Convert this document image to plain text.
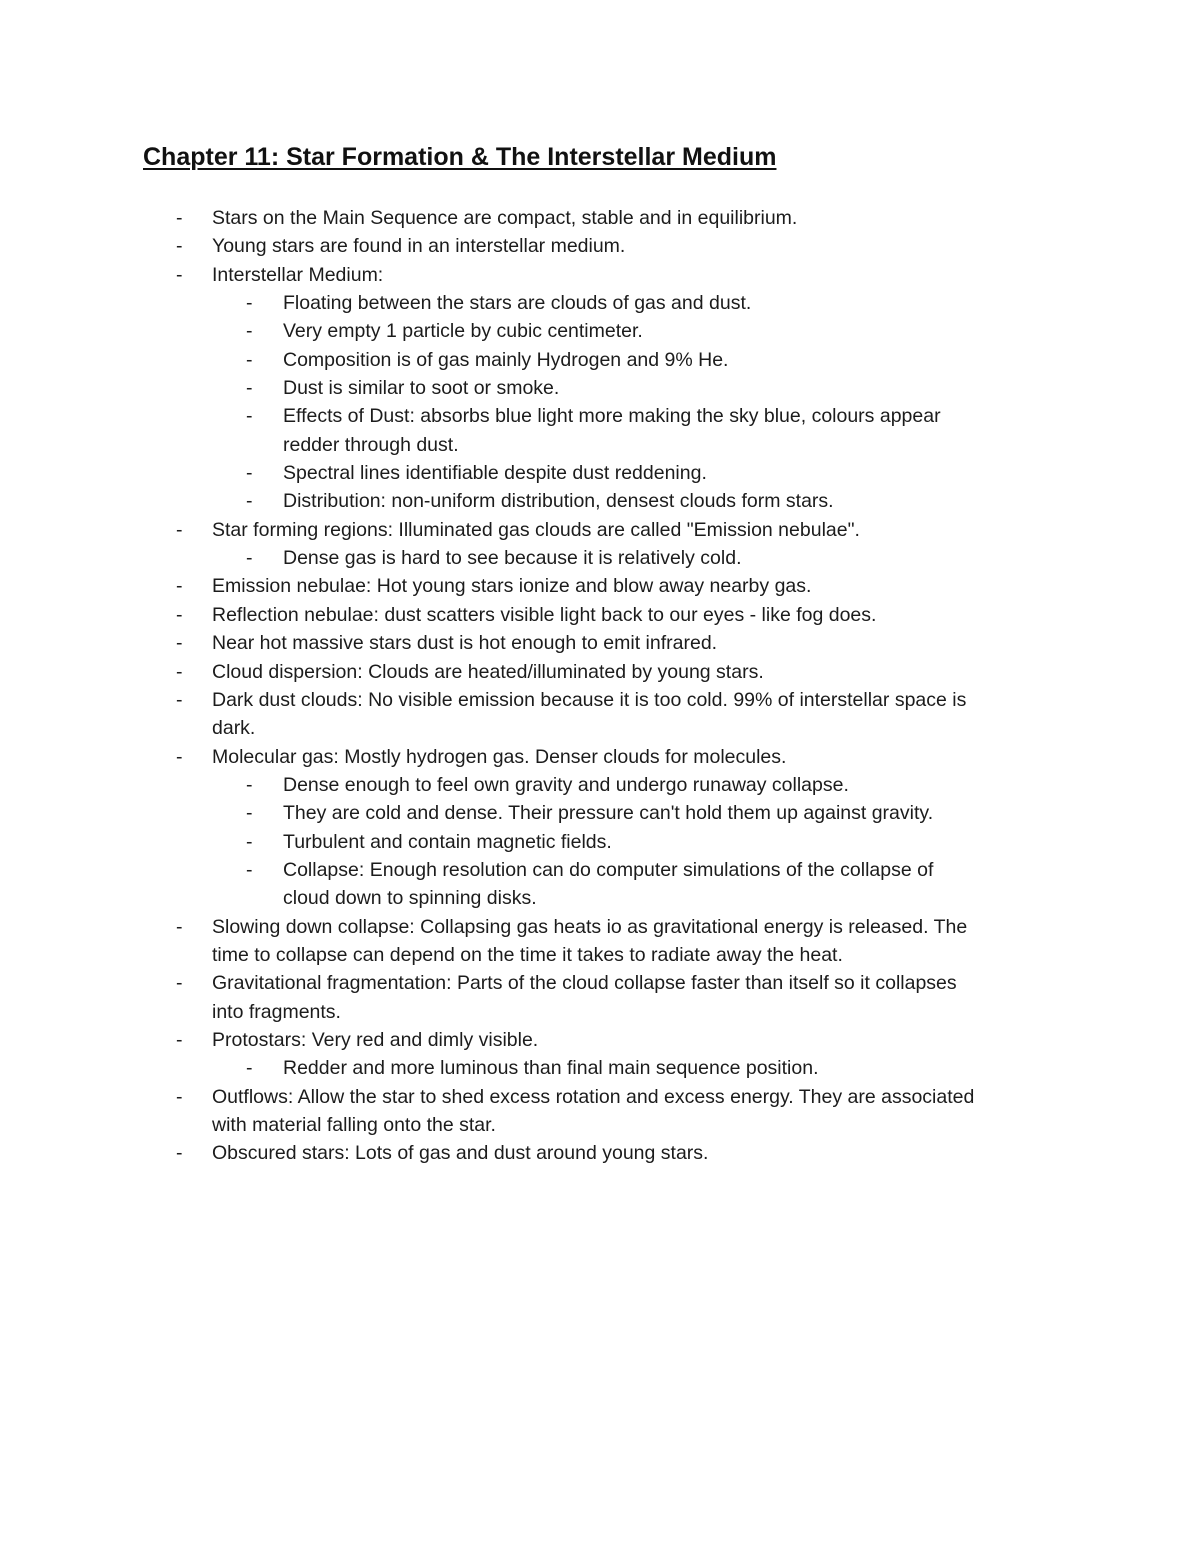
Chapter 11: Star Formation & The Interstellar Medium
- Stars on the Main Sequence are compact, stable and in equilibrium.
- Young stars are found in an interstellar medium.
- Interstellar Medium:
- Floating between the stars are clouds of gas and dust.
- Very empty 1 particle by cubic centimeter.
- Composition is of gas mainly Hydrogen and 9% He.
- Dust is similar to soot or smoke.
- Effects of Dust: absorbs blue light more making the sky blue, colours appear
redder through dust.
- Spectral lines identifiable despite dust reddening.
- Distribution: non-uniform distribution, densest clouds form stars.
- Star forming regions: Illuminated gas clouds are called "Emission nebulae".
- Dense gas is hard to see because it is relatively cold.
- Emission nebulae: Hot young stars ionize and blow away nearby gas.
- Reflection nebulae: dust scatters visible light back to our eyes - like fog does.
- Near hot massive stars dust is hot enough to emit infrared.
- Cloud dispersion: Clouds are heated/illuminated by young stars.
- Dark dust clouds: No visible emission because it is too cold. 99% of interstellar space is
dark.
- Molecular gas: Mostly hydrogen gas. Denser clouds for molecules.
- Dense enough to feel own gravity and undergo runaway collapse.
- They are cold and dense. Their pressure can't hold them up against gravity.
- Turbulent and contain magnetic fields.
- Collapse: Enough resolution can do computer simulations of the collapse of
cloud down to spinning disks.
- Slowing down collapse: Collapsing gas heats io as gravitational energy is released. The
time to collapse can depend on the time it takes to radiate away the heat.
- Gravitational fragmentation: Parts of the cloud collapse faster than itself so it collapses
into fragments.
- Protostars: Very red and dimly visible.
- Redder and more luminous than final main sequence position.
- Outflows: Allow the star to shed excess rotation and excess energy. They are associated
with material falling onto the star.
- Obscured stars: Lots of gas and dust around young stars.
